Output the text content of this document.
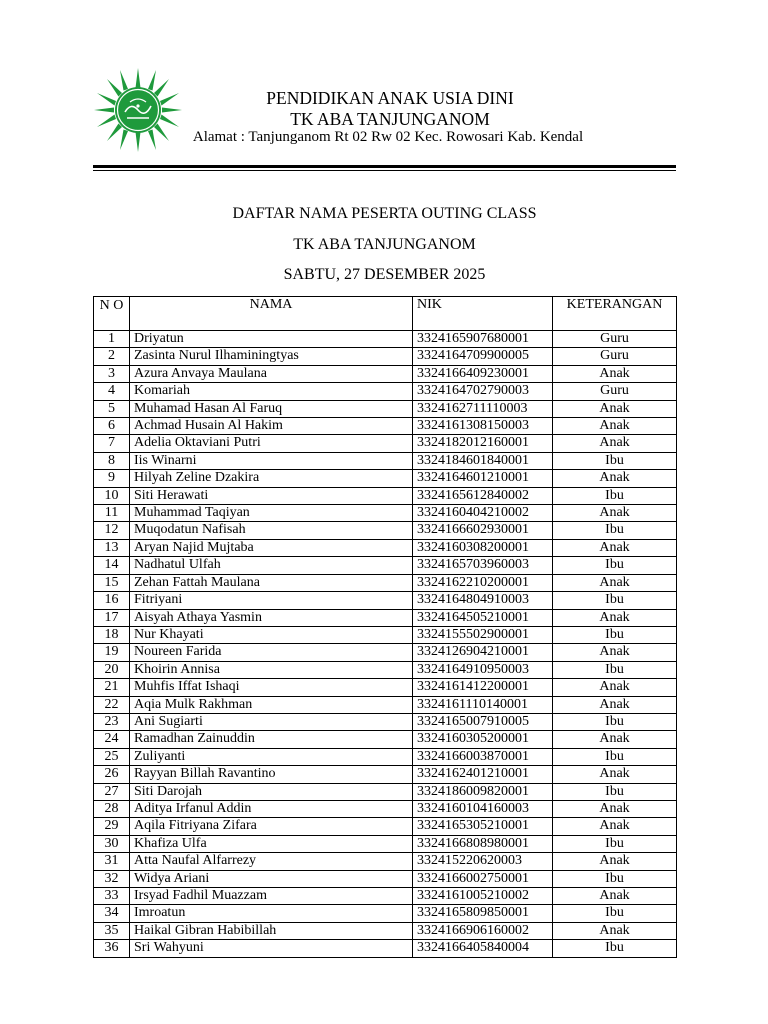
PENDIDIKAN ANAK USIA DINI
TK ABA TANJUNGANOM
Alamat : Tanjunganom Rt 02 Rw 02 Kec. Rowosari Kab. Kendal
DAFTAR NAMA PESERTA OUTING CLASS
TK ABA TANJUNGANOM
SABTU, 27 DESEMBER 2025
N O	NAMA	NIK	KETERANGAN
1	Driyatun	3324165907680001	Guru
2	Zasinta Nurul Ilhaminingtyas	3324164709900005	Guru
3	Azura Anvaya Maulana	3324166409230001	Anak
4	Komariah	3324164702790003	Guru
5	Muhamad Hasan Al Faruq	3324162711110003	Anak
6	Achmad Husain Al Hakim	3324161308150003	Anak
7	Adelia Oktaviani Putri	3324182012160001	Anak
8	Iis Winarni	3324184601840001	Ibu
9	Hilyah Zeline Dzakira	3324164601210001	Anak
10	Siti Herawati	3324165612840002	Ibu
11	Muhammad Taqiyan	3324160404210002	Anak
12	Muqodatun Nafisah	3324166602930001	Ibu
13	Aryan Najid Mujtaba	3324160308200001	Anak
14	Nadhatul Ulfah	3324165703960003	Ibu
15	Zehan Fattah Maulana	3324162210200001	Anak
16	Fitriyani	3324164804910003	Ibu
17	Aisyah Athaya Yasmin	3324164505210001	Anak
18	Nur Khayati	3324155502900001	Ibu
19	Noureen Farida	3324126904210001	Anak
20	Khoirin Annisa	3324164910950003	Ibu
21	Muhfis Iffat Ishaqi	3324161412200001	Anak
22	Aqia Mulk Rakhman	3324161110140001	Anak
23	Ani Sugiarti	3324165007910005	Ibu
24	Ramadhan Zainuddin	3324160305200001	Anak
25	Zuliyanti	3324166003870001	Ibu
26	Rayyan Billah Ravantino	3324162401210001	Anak
27	Siti Darojah	3324186009820001	Ibu
28	Aditya Irfanul Addin	3324160104160003	Anak
29	Aqila Fitriyana Zifara	3324165305210001	Anak
30	Khafiza Ulfa	3324166808980001	Ibu
31	Atta Naufal Alfarrezy	332415220620003	Anak
32	Widya Ariani	3324166002750001	Ibu
33	Irsyad Fadhil Muazzam	3324161005210002	Anak
34	Imroatun	3324165809850001	Ibu
35	Haikal Gibran Habibillah	3324166906160002	Anak
36	Sri Wahyuni	3324166405840004	Ibu
